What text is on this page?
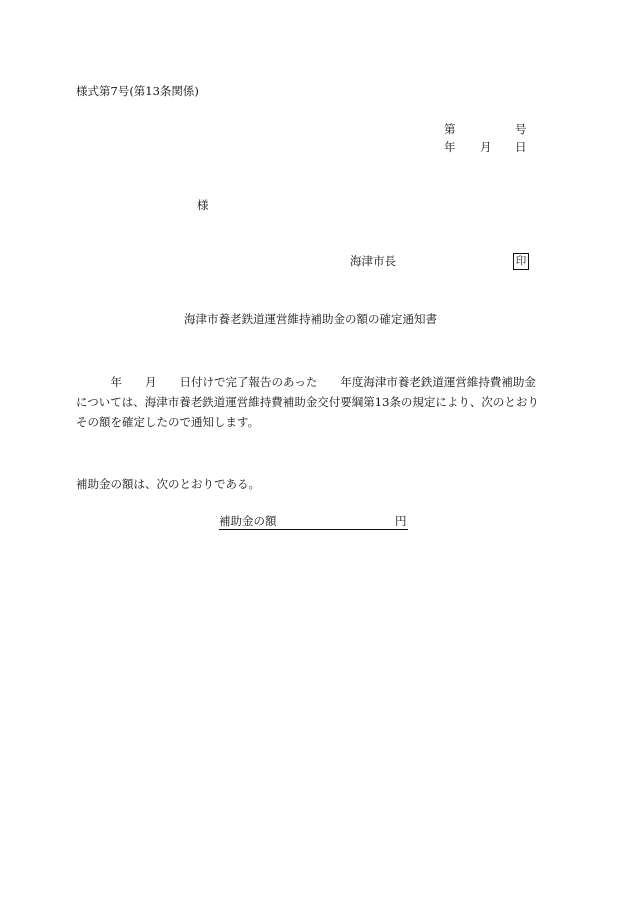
様式第7号(第13条関係)
第	号
年 月 日
様
海津市長	印
海津市養老鉄道運営維持補助金の額の確定通知書
　　　年　　月　　日付けで完了報告のあった　　年度海津市養老鉄道運営維持費補助金
については、海津市養老鉄道運営維持費補助金交付要綱第13条の規定により、次のとおり
その額を確定したので通知します。
補助金の額は、次のとおりである。
補助金の額	円
